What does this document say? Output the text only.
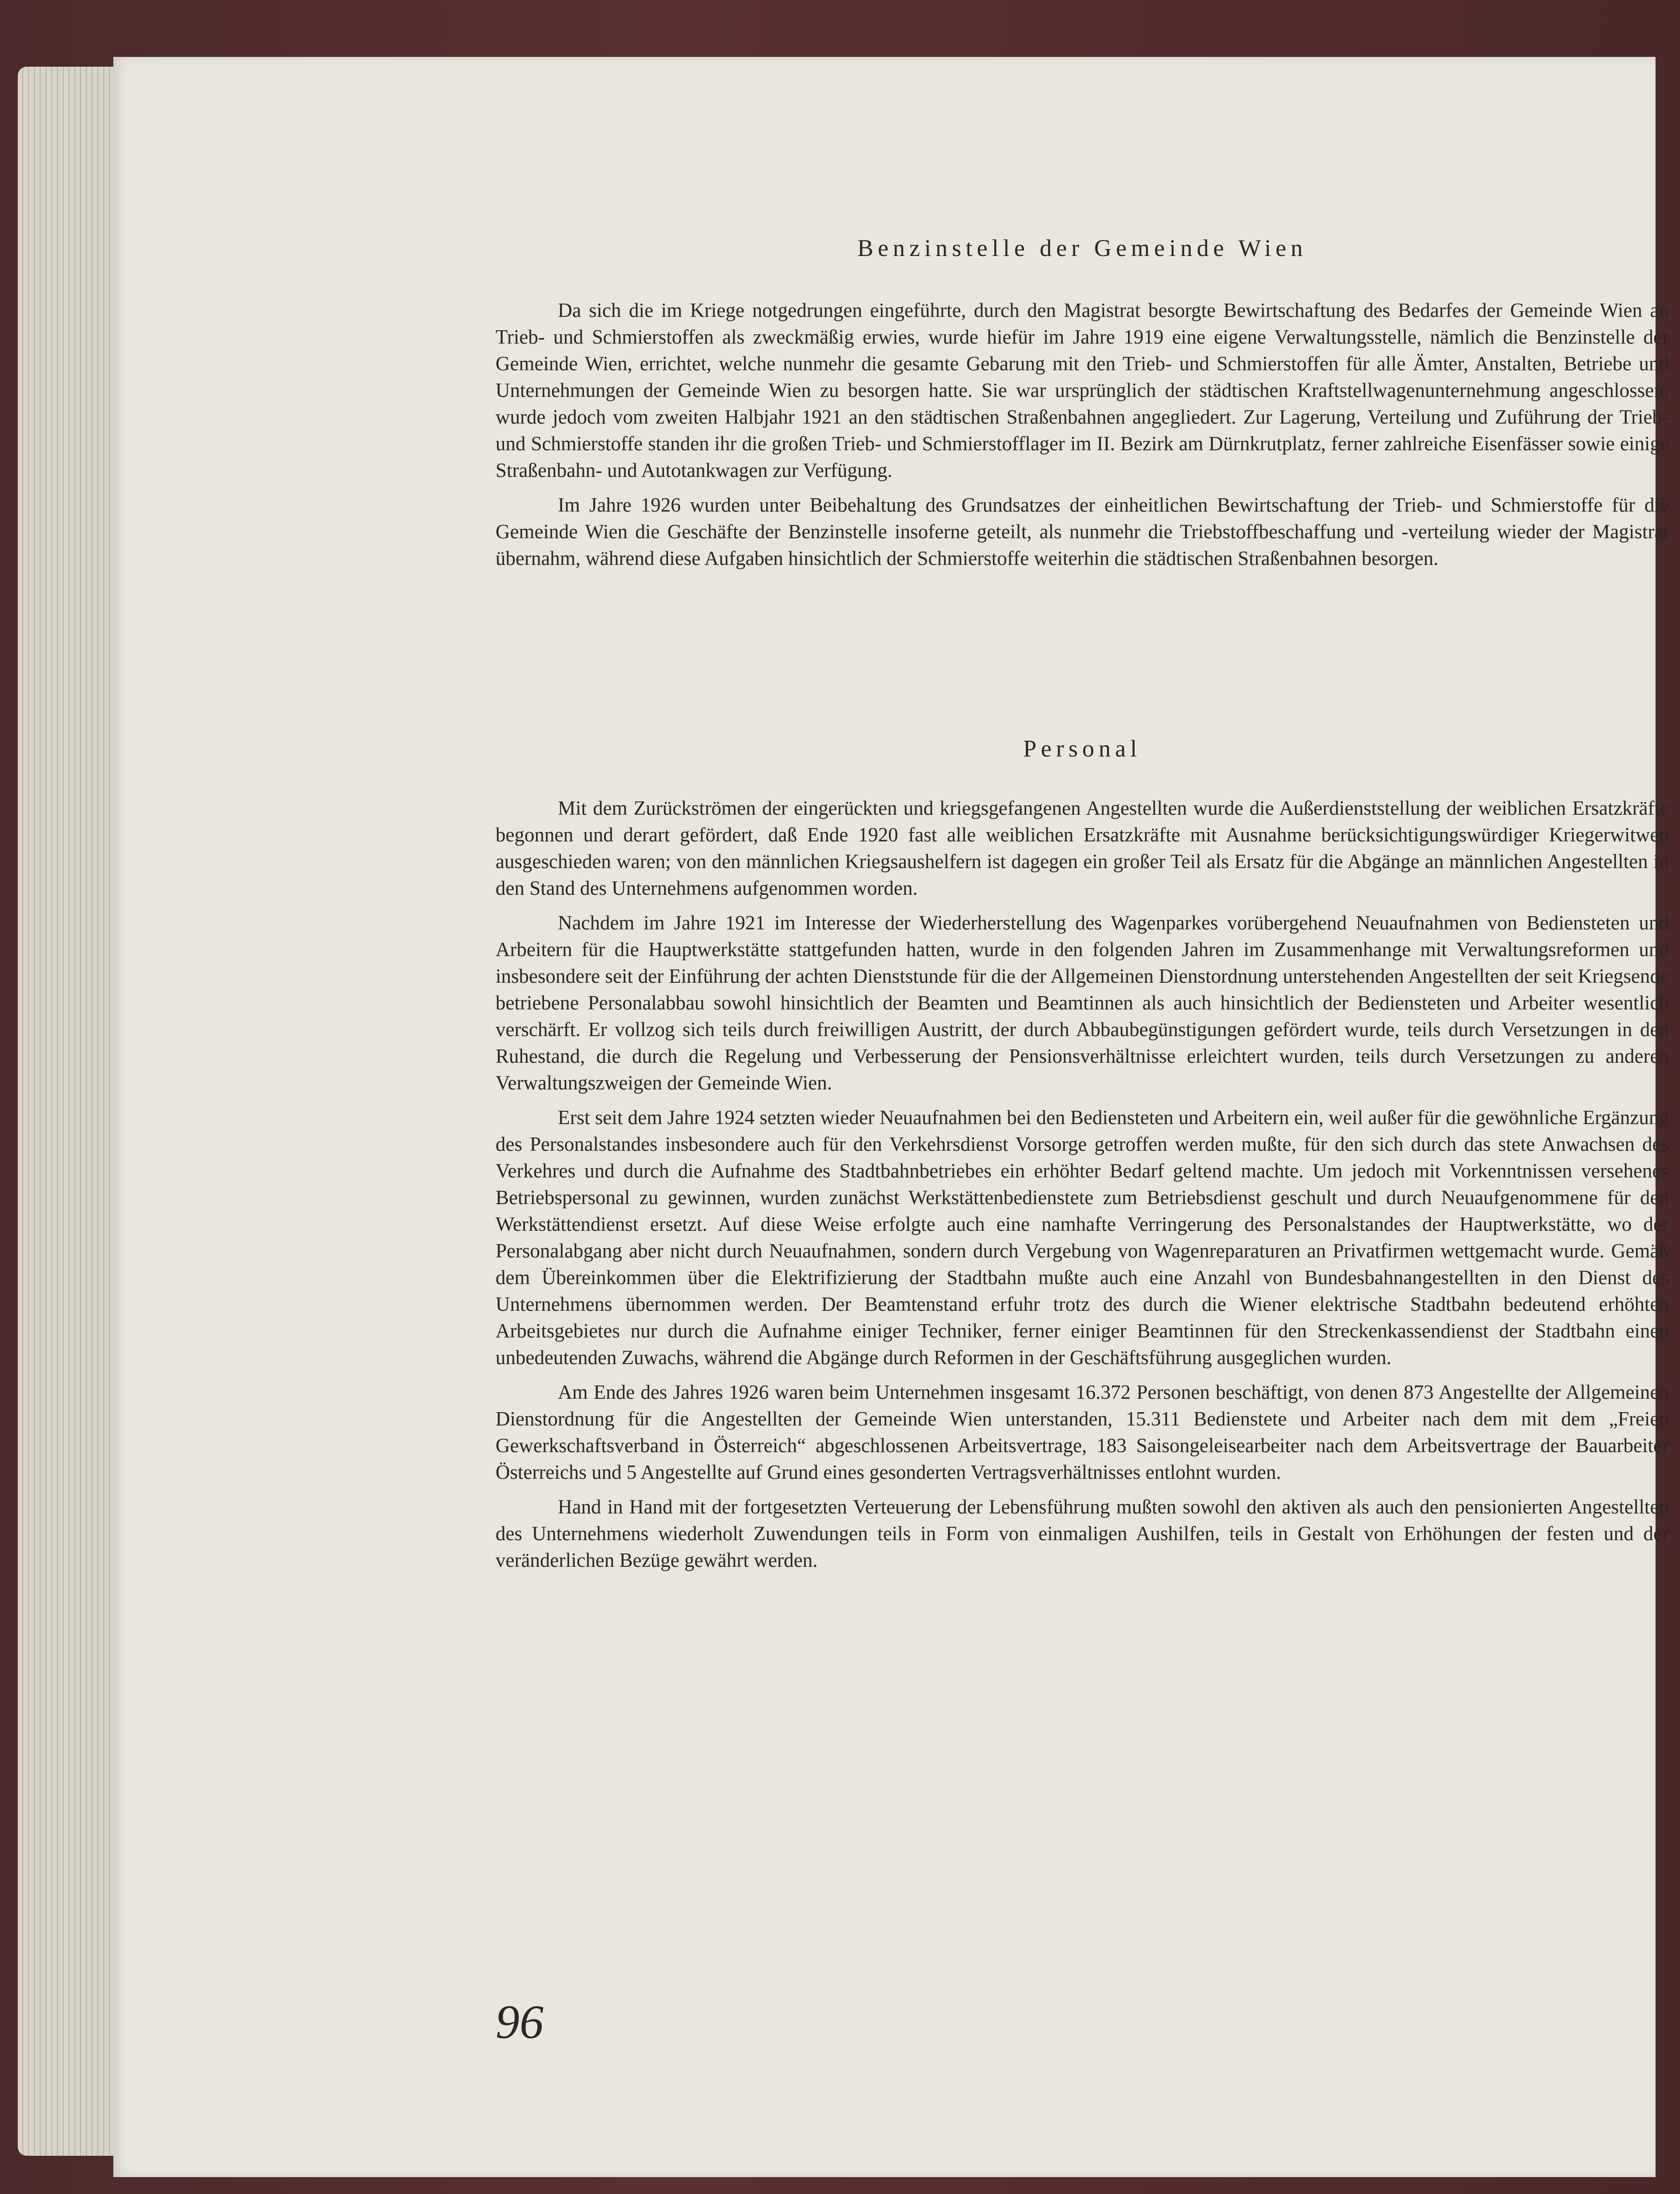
Benzinstelle der Gemeinde Wien

Da sich die im Kriege notgedrungen eingeführte, durch den Magistrat besorgte Bewirtschaftung des Bedarfes der Gemeinde Wien an Trieb- und Schmierstoffen als zweckmäßig erwies, wurde hiefür im Jahre 1919 eine eigene Verwaltungsstelle, nämlich die Benzinstelle der Gemeinde Wien, errichtet, welche nunmehr die gesamte Gebarung mit den Trieb- und Schmierstoffen für alle Ämter, Anstalten, Betriebe und Unternehmungen der Gemeinde Wien zu besorgen hatte. Sie war ursprünglich der städtischen Kraftstellwagenunternehmung angeschlossen, wurde jedoch vom zweiten Halbjahr 1921 an den städtischen Straßenbahnen angegliedert. Zur Lagerung, Verteilung und Zuführung der Trieb- und Schmierstoffe standen ihr die großen Trieb- und Schmierstofflager im II. Bezirk am Dürnkrutplatz, ferner zahlreiche Eisenfässer sowie einige Straßenbahn- und Autotankwagen zur Verfügung.

Im Jahre 1926 wurden unter Beibehaltung des Grundsatzes der einheitlichen Bewirtschaftung der Trieb- und Schmierstoffe für die Gemeinde Wien die Geschäfte der Benzinstelle insoferne geteilt, als nunmehr die Triebstoffbeschaffung und -verteilung wieder der Magistrat übernahm, während diese Aufgaben hinsichtlich der Schmierstoffe weiterhin die städtischen Straßenbahnen besorgen.

Personal

Mit dem Zurückströmen der eingerückten und kriegsgefangenen Angestellten wurde die Außerdienststellung der weiblichen Ersatzkräfte begonnen und derart gefördert, daß Ende 1920 fast alle weiblichen Ersatzkräfte mit Ausnahme berücksichtigungswürdiger Kriegerwitwen ausgeschieden waren; von den männlichen Kriegsaushelfern ist dagegen ein großer Teil als Ersatz für die Abgänge an männlichen Angestellten in den Stand des Unternehmens aufgenommen worden.

Nachdem im Jahre 1921 im Interesse der Wiederherstellung des Wagenparkes vorübergehend Neuaufnahmen von Bediensteten und Arbeitern für die Hauptwerkstätte stattgefunden hatten, wurde in den folgenden Jahren im Zusammenhange mit Verwaltungsreformen und insbesondere seit der Einführung der achten Dienststunde für die der Allgemeinen Dienstordnung unterstehenden Angestellten der seit Kriegsende betriebene Personalabbau sowohl hinsichtlich der Beamten und Beamtinnen als auch hinsichtlich der Bediensteten und Arbeiter wesentlich verschärft. Er vollzog sich teils durch freiwilligen Austritt, der durch Abbaubegünstigungen gefördert wurde, teils durch Versetzungen in den Ruhestand, die durch die Regelung und Verbesserung der Pensionsverhältnisse erleichtert wurden, teils durch Versetzungen zu anderen Verwaltungszweigen der Gemeinde Wien.

Erst seit dem Jahre 1924 setzten wieder Neuaufnahmen bei den Bediensteten und Arbeitern ein, weil außer für die gewöhnliche Ergänzung des Personalstandes insbesondere auch für den Verkehrsdienst Vorsorge getroffen werden mußte, für den sich durch das stete Anwachsen des Verkehres und durch die Aufnahme des Stadtbahnbetriebes ein erhöhter Bedarf geltend machte. Um jedoch mit Vorkenntnissen versehenes Betriebspersonal zu gewinnen, wurden zunächst Werkstättenbedienstete zum Betriebsdienst geschult und durch Neuaufgenommene für den Werkstättendienst ersetzt. Auf diese Weise erfolgte auch eine namhafte Verringerung des Personalstandes der Hauptwerkstätte, wo der Personalabgang aber nicht durch Neuaufnahmen, sondern durch Vergebung von Wagenreparaturen an Privatfirmen wettgemacht wurde. Gemäß dem Übereinkommen über die Elektrifizierung der Stadtbahn mußte auch eine Anzahl von Bundesbahnangestellten in den Dienst des Unternehmens übernommen werden. Der Beamtenstand erfuhr trotz des durch die Wiener elektrische Stadtbahn bedeutend erhöhten Arbeitsgebietes nur durch die Aufnahme einiger Techniker, ferner einiger Beamtinnen für den Streckenkassendienst der Stadtbahn einen unbedeutenden Zuwachs, während die Abgänge durch Reformen in der Geschäftsführung ausgeglichen wurden.

Am Ende des Jahres 1926 waren beim Unternehmen insgesamt 16.372 Personen beschäftigt, von denen 873 Angestellte der Allgemeinen Dienstordnung für die Angestellten der Gemeinde Wien unterstanden, 15.311 Bedienstete und Arbeiter nach dem mit dem „Freien Gewerkschaftsverband in Österreich“ abgeschlossenen Arbeitsvertrage, 183 Saisongeleisearbeiter nach dem Arbeitsvertrage der Bauarbeiter Österreichs und 5 Angestellte auf Grund eines gesonderten Vertragsverhältnisses entlohnt wurden.

Hand in Hand mit der fortgesetzten Verteuerung der Lebensführung mußten sowohl den aktiven als auch den pensionierten Angestellten des Unternehmens wiederholt Zuwendungen teils in Form von einmaligen Aushilfen, teils in Gestalt von Erhöhungen der festen und der veränderlichen Bezüge gewährt werden.

96
